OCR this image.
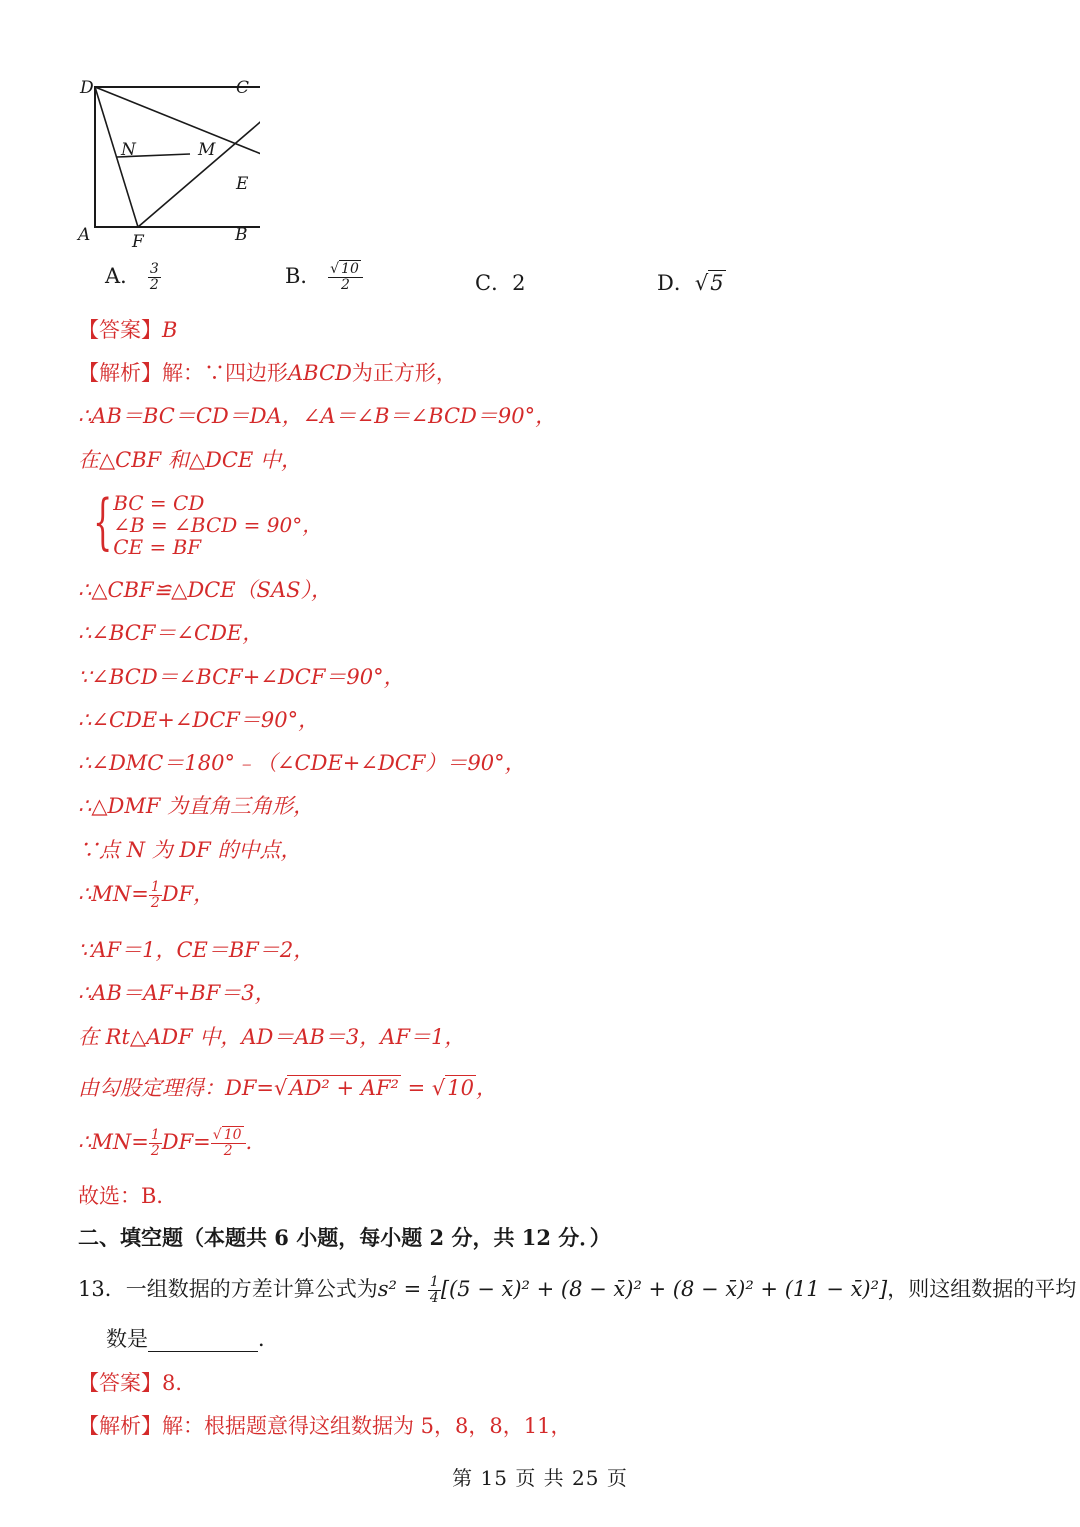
D	C
N	M
E
A F	B
A． $\frac{3}{2}$	B． $\frac{√ 10}{2}$	C．2	D．√5
【答案】B
【解析】解：∵四边形ABCD为正方形，
∴AB＝BC＝CD＝DA，∠A＝∠B＝∠BCD＝90°，
在△CBF 和△DCE 中，
{ BC = CD
∠B = ∠BCD = 90°，
CE = BF
∴△CBF≌△DCE（SAS），
∴∠BCF＝∠CDE，
∵∠BCD＝∠BCF+∠DCF＝90°，
∴∠CDE+∠DCF＝90°，
∴∠DMC＝180°﹣（∠CDE+∠DCF）＝90°，
∴△DMF 为直角三角形，
∵点 N 为 DF 的中点，
∴MN= $\frac{1}{2}$ DF，
∵AF＝1，CE＝BF＝2，
∴AB＝AF+BF＝3，
在 Rt△ADF 中，AD＝AB＝3，AF＝1，
由勾股定理得：DF=√AD² + AF² = √10，
∴MN= $\frac{1}{2} DF= \frac{√ 10}{2}$ .
故选：B．
二、填空题（本题共 6 小题，每小题 2 分，共 12 分．）
13．一组数据的方差计算公式为$s^2 = \frac{1}{4} [(5$ − x̄)² + (8 − x̄)² + (8 − x̄)² + (11 − x̄)²]，则这组数据的平均
数是	．
【答案】8．
【解析】解：根据题意得这组数据为 5，8，8，11，
第 15 页 共 25 页
